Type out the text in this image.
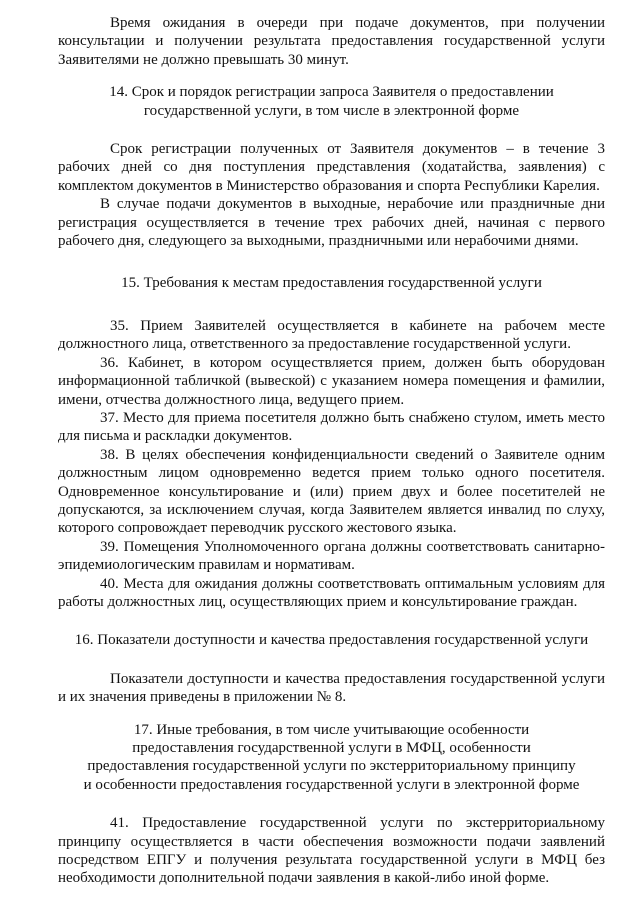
Время ожидания в очереди при подаче документов, при получении консультации и получении результата предоставления государственной услуги Заявителями не должно превышать 30 минут.

14. Срок и порядок регистрации запроса Заявителя о предоставлении государственной услуги, в том числе в электронной форме

Срок регистрации полученных от Заявителя документов – в течение 3 рабочих дней со дня поступления представления (ходатайства, заявления) с комплектом документов в Министерство образования и спорта Республики Карелия.

В случае подачи документов в выходные, нерабочие или праздничные дни регистрация осуществляется в течение трех рабочих дней, начиная с первого рабочего дня, следующего за выходными, праздничными или нерабочими днями.

15. Требования к местам предоставления государственной услуги

35. Прием Заявителей осуществляется в кабинете на рабочем месте должностного лица, ответственного за предоставление государственной услуги.

36. Кабинет, в котором осуществляется прием, должен быть оборудован информационной табличкой (вывеской) с указанием номера помещения и фамилии, имени, отчества должностного лица, ведущего прием.

37. Место для приема посетителя должно быть снабжено стулом, иметь место для письма и раскладки документов.

38. В целях обеспечения конфиденциальности сведений о Заявителе одним должностным лицом одновременно ведется прием только одного посетителя. Одновременное консультирование и (или) прием двух и более посетителей не допускаются, за исключением случая, когда Заявителем является инвалид по слуху, которого сопровождает переводчик русского жестового языка.

39. Помещения Уполномоченного органа должны соответствовать санитарно-эпидемиологическим правилам и нормативам.

40. Места для ожидания должны соответствовать оптимальным условиям для работы должностных лиц, осуществляющих прием и консультирование граждан.

16. Показатели доступности и качества предоставления государственной услуги

Показатели доступности и качества предоставления государственной услуги и их значения приведены в приложении № 8.

17. Иные требования, в том числе учитывающие особенности предоставления государственной услуги в МФЦ, особенности предоставления государственной услуги по экстерриториальному принципу и особенности предоставления государственной услуги в электронной форме

41. Предоставление государственной услуги по экстерриториальному принципу осуществляется в части обеспечения возможности подачи заявлений посредством ЕПГУ и получения результата государственной услуги в МФЦ без необходимости дополнительной подачи заявления в какой-либо иной форме.
